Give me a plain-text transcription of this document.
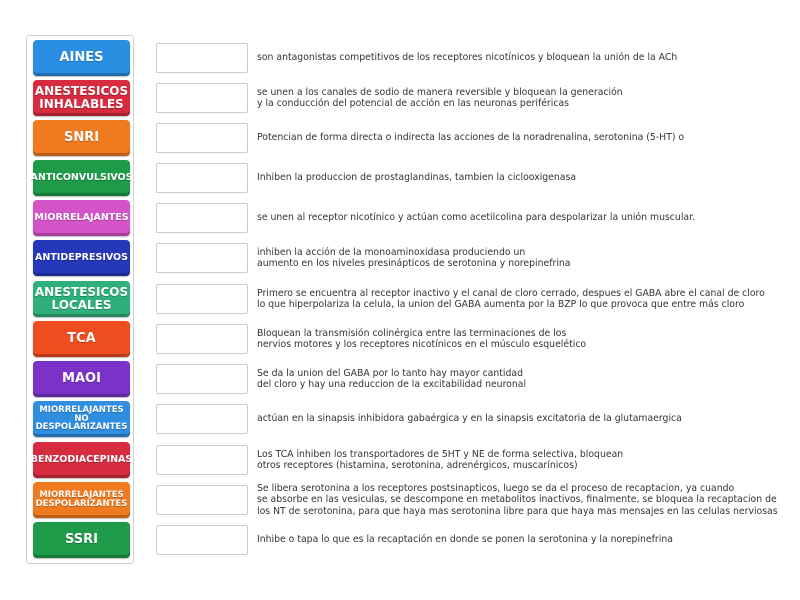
AINES
ANESTESICOS
INHALABLES
SNRI
ANTICONVULSIVOS
MIORRELAJANTES
ANTIDEPRESIVOS
ANESTESICOS
LOCALES
TCA
MAOI
MIORRELAJANTES
NO
DESPOLARIZANTES
BENZODIACEPINAS
MIORRELAJANTES
DESPOLARIZANTES
SSRI
son antagonistas competitivos de los receptores nicotínicos y bloquean la unión de la ACh
se unen a los canales de sodio de manera reversible y bloquean la generación
y la conducción del potencial de acción en las neuronas periféricas
Potencian de forma directa o indirecta las acciones de la noradrenalina, serotonina (5-HT) o
Inhiben la produccion de prostaglandinas, tambien la ciclooxigenasa
se unen al receptor nicotínico y actúan como acetilcolina para despolarizar la unión muscular.
inhiben la acción de la monoaminoxidasa produciendo un
aumento en los niveles presinápticos de serotonina y norepinefrina
Primero se encuentra al receptor inactivo y el canal de cloro cerrado, despues el GABA abre el canal de cloro
lo que hiperpolariza la celula, la union del GABA aumenta por la BZP lo que provoca que entre más cloro
Bloquean la transmisión colinérgica entre las terminaciones de los
nervios motores y los receptores nicotínicos en el músculo esquelético
Se da la union del GABA por lo tanto hay mayor cantidad
del cloro y hay una reduccion de la excitabilidad neuronal
actúan en la sinapsis inhibidora gabaérgica y en la sinapsis excitatoria de la glutamaergica
Los TCA inhiben los transportadores de 5HT y NE de forma selectiva, bloquean
otros receptores (histamina, serotonina, adrenérgicos, muscarínicos)
Se libera serotonina a los receptores postsinapticos, luego se da el proceso de recaptacion, ya cuando
se absorbe en las vesiculas, se descompone en metabolitos inactivos, finalmente, se bloquea la recaptacion de
los NT de serotonina, para que haya mas serotonina libre para que haya mas mensajes en las celulas nerviosas
Inhibe o tapa lo que es la recaptación en donde se ponen la serotonina y la norepinefrina
